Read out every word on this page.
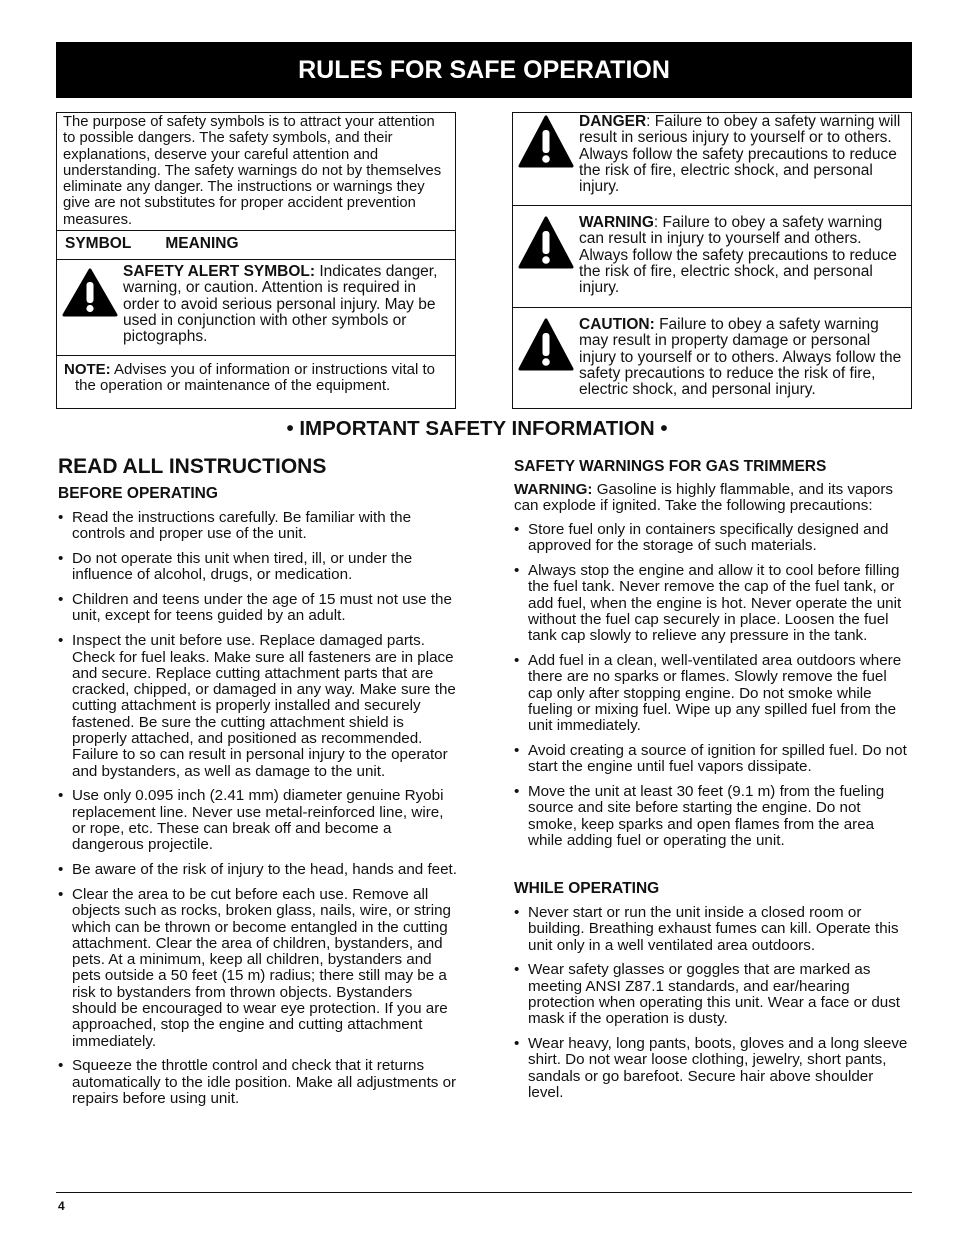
RULES FOR SAFE OPERATION
The purpose of safety symbols is to attract your attention to possible dangers. The safety symbols, and their explanations, deserve your careful attention and understanding. The safety warnings do not by themselves eliminate any danger. The instructions or warnings they give are not substitutes for proper accident prevention measures.
SYMBOL MEANING
SAFETY ALERT SYMBOL: Indicates danger, warning, or caution. Attention is required in order to avoid serious personal injury. May be used in conjunction with other symbols or pictographs.
NOTE: Advises you of information or instructions vital to the operation or maintenance of the equipment.
DANGER: Failure to obey a safety warning will result in serious injury to yourself or to others. Always follow the safety precautions to reduce the risk of fire, electric shock, and personal injury.
WARNING: Failure to obey a safety warning can result in injury to yourself and others. Always follow the safety precautions to reduce the risk of fire, electric shock, and personal injury.
CAUTION: Failure to obey a safety warning may result in property damage or personal injury to yourself or to others. Always follow the safety precautions to reduce the risk of fire, electric shock, and personal injury.
• IMPORTANT SAFETY INFORMATION •
READ ALL INSTRUCTIONS
BEFORE OPERATING
• Read the instructions carefully. Be familiar with the controls and proper use of the unit.
• Do not operate this unit when tired, ill, or under the influence of alcohol, drugs, or medication.
• Children and teens under the age of 15 must not use the unit, except for teens guided by an adult.
• Inspect the unit before use. Replace damaged parts. Check for fuel leaks. Make sure all fasteners are in place and secure. Replace cutting attachment parts that are cracked, chipped, or damaged in any way. Make sure the cutting attachment is properly installed and securely fastened. Be sure the cutting attachment shield is properly attached, and positioned as recommended. Failure to so can result in personal injury to the operator and bystanders, as well as damage to the unit.
• Use only 0.095 inch (2.41 mm) diameter genuine Ryobi replacement line. Never use metal-reinforced line, wire, or rope, etc. These can break off and become a dangerous projectile.
• Be aware of the risk of injury to the head, hands and feet.
• Clear the area to be cut before each use. Remove all objects such as rocks, broken glass, nails, wire, or string which can be thrown or become entangled in the cutting attachment. Clear the area of children, bystanders, and pets. At a minimum, keep all children, bystanders and pets outside a 50 feet (15 m) radius; there still may be a risk to bystanders from thrown objects. Bystanders should be encouraged to wear eye protection. If you are approached, stop the engine and cutting attachment immediately.
• Squeeze the throttle control and check that it returns automatically to the idle position. Make all adjustments or repairs before using unit.
SAFETY WARNINGS FOR GAS TRIMMERS
WARNING: Gasoline is highly flammable, and its vapors can explode if ignited. Take the following precautions:
• Store fuel only in containers specifically designed and approved for the storage of such materials.
• Always stop the engine and allow it to cool before filling the fuel tank. Never remove the cap of the fuel tank, or add fuel, when the engine is hot. Never operate the unit without the fuel cap securely in place. Loosen the fuel tank cap slowly to relieve any pressure in the tank.
• Add fuel in a clean, well-ventilated area outdoors where there are no sparks or flames. Slowly remove the fuel cap only after stopping engine. Do not smoke while fueling or mixing fuel. Wipe up any spilled fuel from the unit immediately.
• Avoid creating a source of ignition for spilled fuel. Do not start the engine until fuel vapors dissipate.
• Move the unit at least 30 feet (9.1 m) from the fueling source and site before starting the engine. Do not smoke, keep sparks and open flames from the area while adding fuel or operating the unit.
WHILE OPERATING
• Never start or run the unit inside a closed room or building. Breathing exhaust fumes can kill. Operate this unit only in a well ventilated area outdoors.
• Wear safety glasses or goggles that are marked as meeting ANSI Z87.1 standards, and ear/hearing protection when operating this unit. Wear a face or dust mask if the operation is dusty.
• Wear heavy, long pants, boots, gloves and a long sleeve shirt. Do not wear loose clothing, jewelry, short pants, sandals or go barefoot. Secure hair above shoulder level.
4
